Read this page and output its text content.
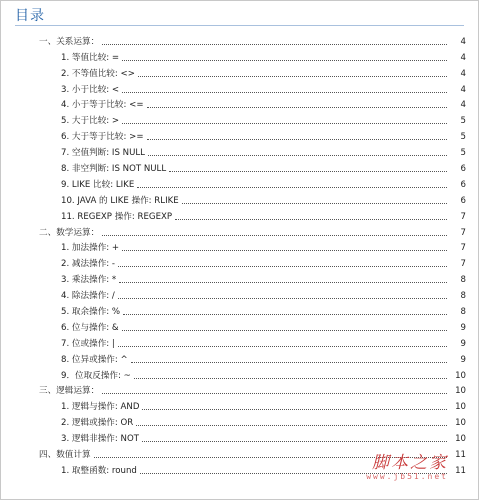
目录
一、关系运算：	4
1. 等值比较: =	4
2. 不等值比较: <>	4
3. 小于比较: <	4
4. 小于等于比较: <=	4
5. 大于比较: >	5
6. 大于等于比较: >=	5
7. 空值判断: IS NULL	5
8. 非空判断: IS NOT NULL	6
9. LIKE 比较: LIKE	6
10. JAVA 的 LIKE 操作: RLIKE	6
11. REGEXP 操作: REGEXP	7
二、数学运算：	7
1. 加法操作: +	7
2. 减法操作: -	7
3. 乘法操作: *	8
4. 除法操作: /	8
5. 取余操作: %	8
6. 位与操作: &	9
7. 位或操作: |	9
8. 位异或操作: ^	9
9．位取反操作: ~	10
三、逻辑运算：	10
1. 逻辑与操作: AND	10
2. 逻辑或操作: OR	10
3. 逻辑非操作: NOT	10
四、数值计算	11
1. 取整函数: round	11
脚本之家
www.jb51.net
